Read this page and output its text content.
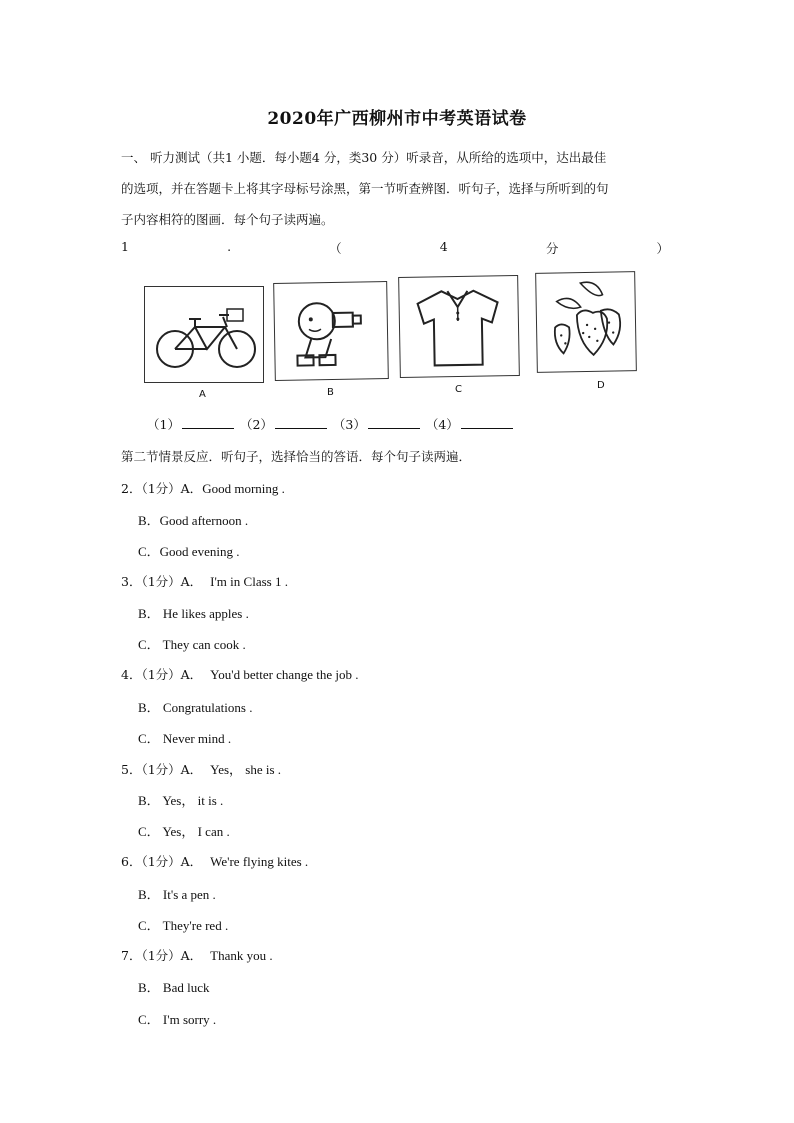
2020年广西柳州市中考英语试卷
一、 听力测试（共1 小题．每小题4 分，类30 分）听录音，从所给的选项中，达出最佳
的选项，并在答题卡上将其字母标号涂黑，第一节听查辨图．听句子，选择与所听到的句
子内容相符的图画．每个句子读两遍。
1	.	（	4	分	）
A	B	C	D
（1）	（2）	（3）	（4）
第二节情景反应．听句子，选择恰当的答语．每个句子读两遍．
2．（1分）A．Good morning .
B．Good afternoon .
C．Good evening .
3．（1分）A． I'm in Class 1 .
B． He likes apples .
C． They can cook .
4．（1分）A． You'd better change the job .
B． Congratulations .
C． Never mind .
5．（1分）A． Yes， she is .
B． Yes， it is .
C． Yes， I can .
6．（1分）A． We're flying kites .
B． It's a pen .
C． They're red .
7．（1分）A． Thank you .
B． Bad luck
C． I'm sorry .
